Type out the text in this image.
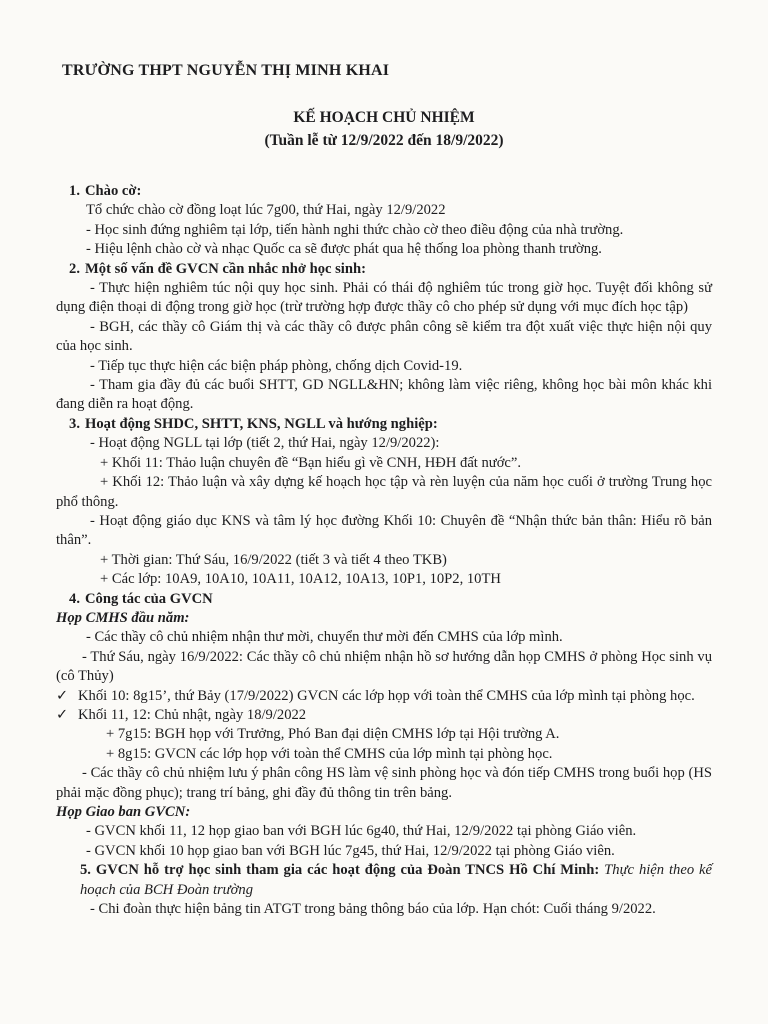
TRƯỜNG THPT NGUYỄN THỊ MINH KHAI
KẾ HOẠCH CHỦ NHIỆM
(Tuần lễ từ 12/9/2022 đến 18/9/2022)

1. Chào cờ:

Tổ chức chào cờ đồng loạt lúc 7g00, thứ Hai, ngày 12/9/2022

- Học sinh đứng nghiêm tại lớp, tiến hành nghi thức chào cờ theo điều động của nhà trường.

- Hiệu lệnh chào cờ và nhạc Quốc ca sẽ được phát qua hệ thống loa phòng thanh trường.

2. Một số vấn đề GVCN cần nhắc nhở học sinh:

- Thực hiện nghiêm túc nội quy học sinh. Phải có thái độ nghiêm túc trong giờ học. Tuyệt đối không sử dụng điện thoại di động trong giờ học (trừ trường hợp được thầy cô cho phép sử dụng với mục đích học tập)

- BGH, các thầy cô Giám thị và các thầy cô được phân công sẽ kiểm tra đột xuất việc thực hiện nội quy của học sinh.

- Tiếp tục thực hiện các biện pháp phòng, chống dịch Covid-19.

- Tham gia đầy đủ các buổi SHTT, GD NGLL&HN; không làm việc riêng, không học bài môn khác khi đang diễn ra hoạt động.

3. Hoạt động SHDC, SHTT, KNS, NGLL và hướng nghiệp:

- Hoạt động NGLL tại lớp (tiết 2, thứ Hai, ngày 12/9/2022):

+ Khối 11: Thảo luận chuyên đề “Bạn hiểu gì về CNH, HĐH đất nước”.

+ Khối 12: Thảo luận và xây dựng kế hoạch học tập và rèn luyện của năm học cuối ở trường Trung học phổ thông.

- Hoạt động giáo dục KNS và tâm lý học đường Khối 10: Chuyên đề “Nhận thức bản thân: Hiểu rõ bản thân”.

+ Thời gian: Thứ Sáu, 16/9/2022 (tiết 3 và tiết 4 theo TKB)

+ Các lớp: 10A9, 10A10, 10A11, 10A12, 10A13, 10P1, 10P2, 10TH

4. Công tác của GVCN

Họp CMHS đầu năm:

- Các thầy cô chủ nhiệm nhận thư mời, chuyển thư mời đến CMHS của lớp mình.

- Thứ Sáu, ngày 16/9/2022: Các thầy cô chủ nhiệm nhận hồ sơ hướng dẫn họp CMHS ở phòng Học sinh vụ (cô Thủy)

✓ Khối 10: 8g15’, thứ Bảy (17/9/2022) GVCN các lớp họp với toàn thể CMHS của lớp mình tại phòng học.

✓ Khối 11, 12: Chủ nhật, ngày 18/9/2022

+ 7g15: BGH họp với Trưởng, Phó Ban đại diện CMHS lớp tại Hội trường A.

+ 8g15: GVCN các lớp họp với toàn thể CMHS của lớp mình tại phòng học.

- Các thầy cô chủ nhiệm lưu ý phân công HS làm vệ sinh phòng học và đón tiếp CMHS trong buổi họp (HS phải mặc đồng phục); trang trí bảng, ghi đầy đủ thông tin trên bảng.

Họp Giao ban GVCN:

- GVCN khối 11, 12 họp giao ban với BGH lúc 6g40, thứ Hai, 12/9/2022 tại phòng Giáo viên.

- GVCN khối 10 họp giao ban với BGH lúc 7g45, thứ Hai, 12/9/2022 tại phòng Giáo viên.

5. GVCN hỗ trợ học sinh tham gia các hoạt động của Đoàn TNCS Hồ Chí Minh: Thực hiện theo kế hoạch của BCH Đoàn trường

- Chi đoàn thực hiện bảng tin ATGT trong bảng thông báo của lớp. Hạn chót: Cuối tháng 9/2022.
